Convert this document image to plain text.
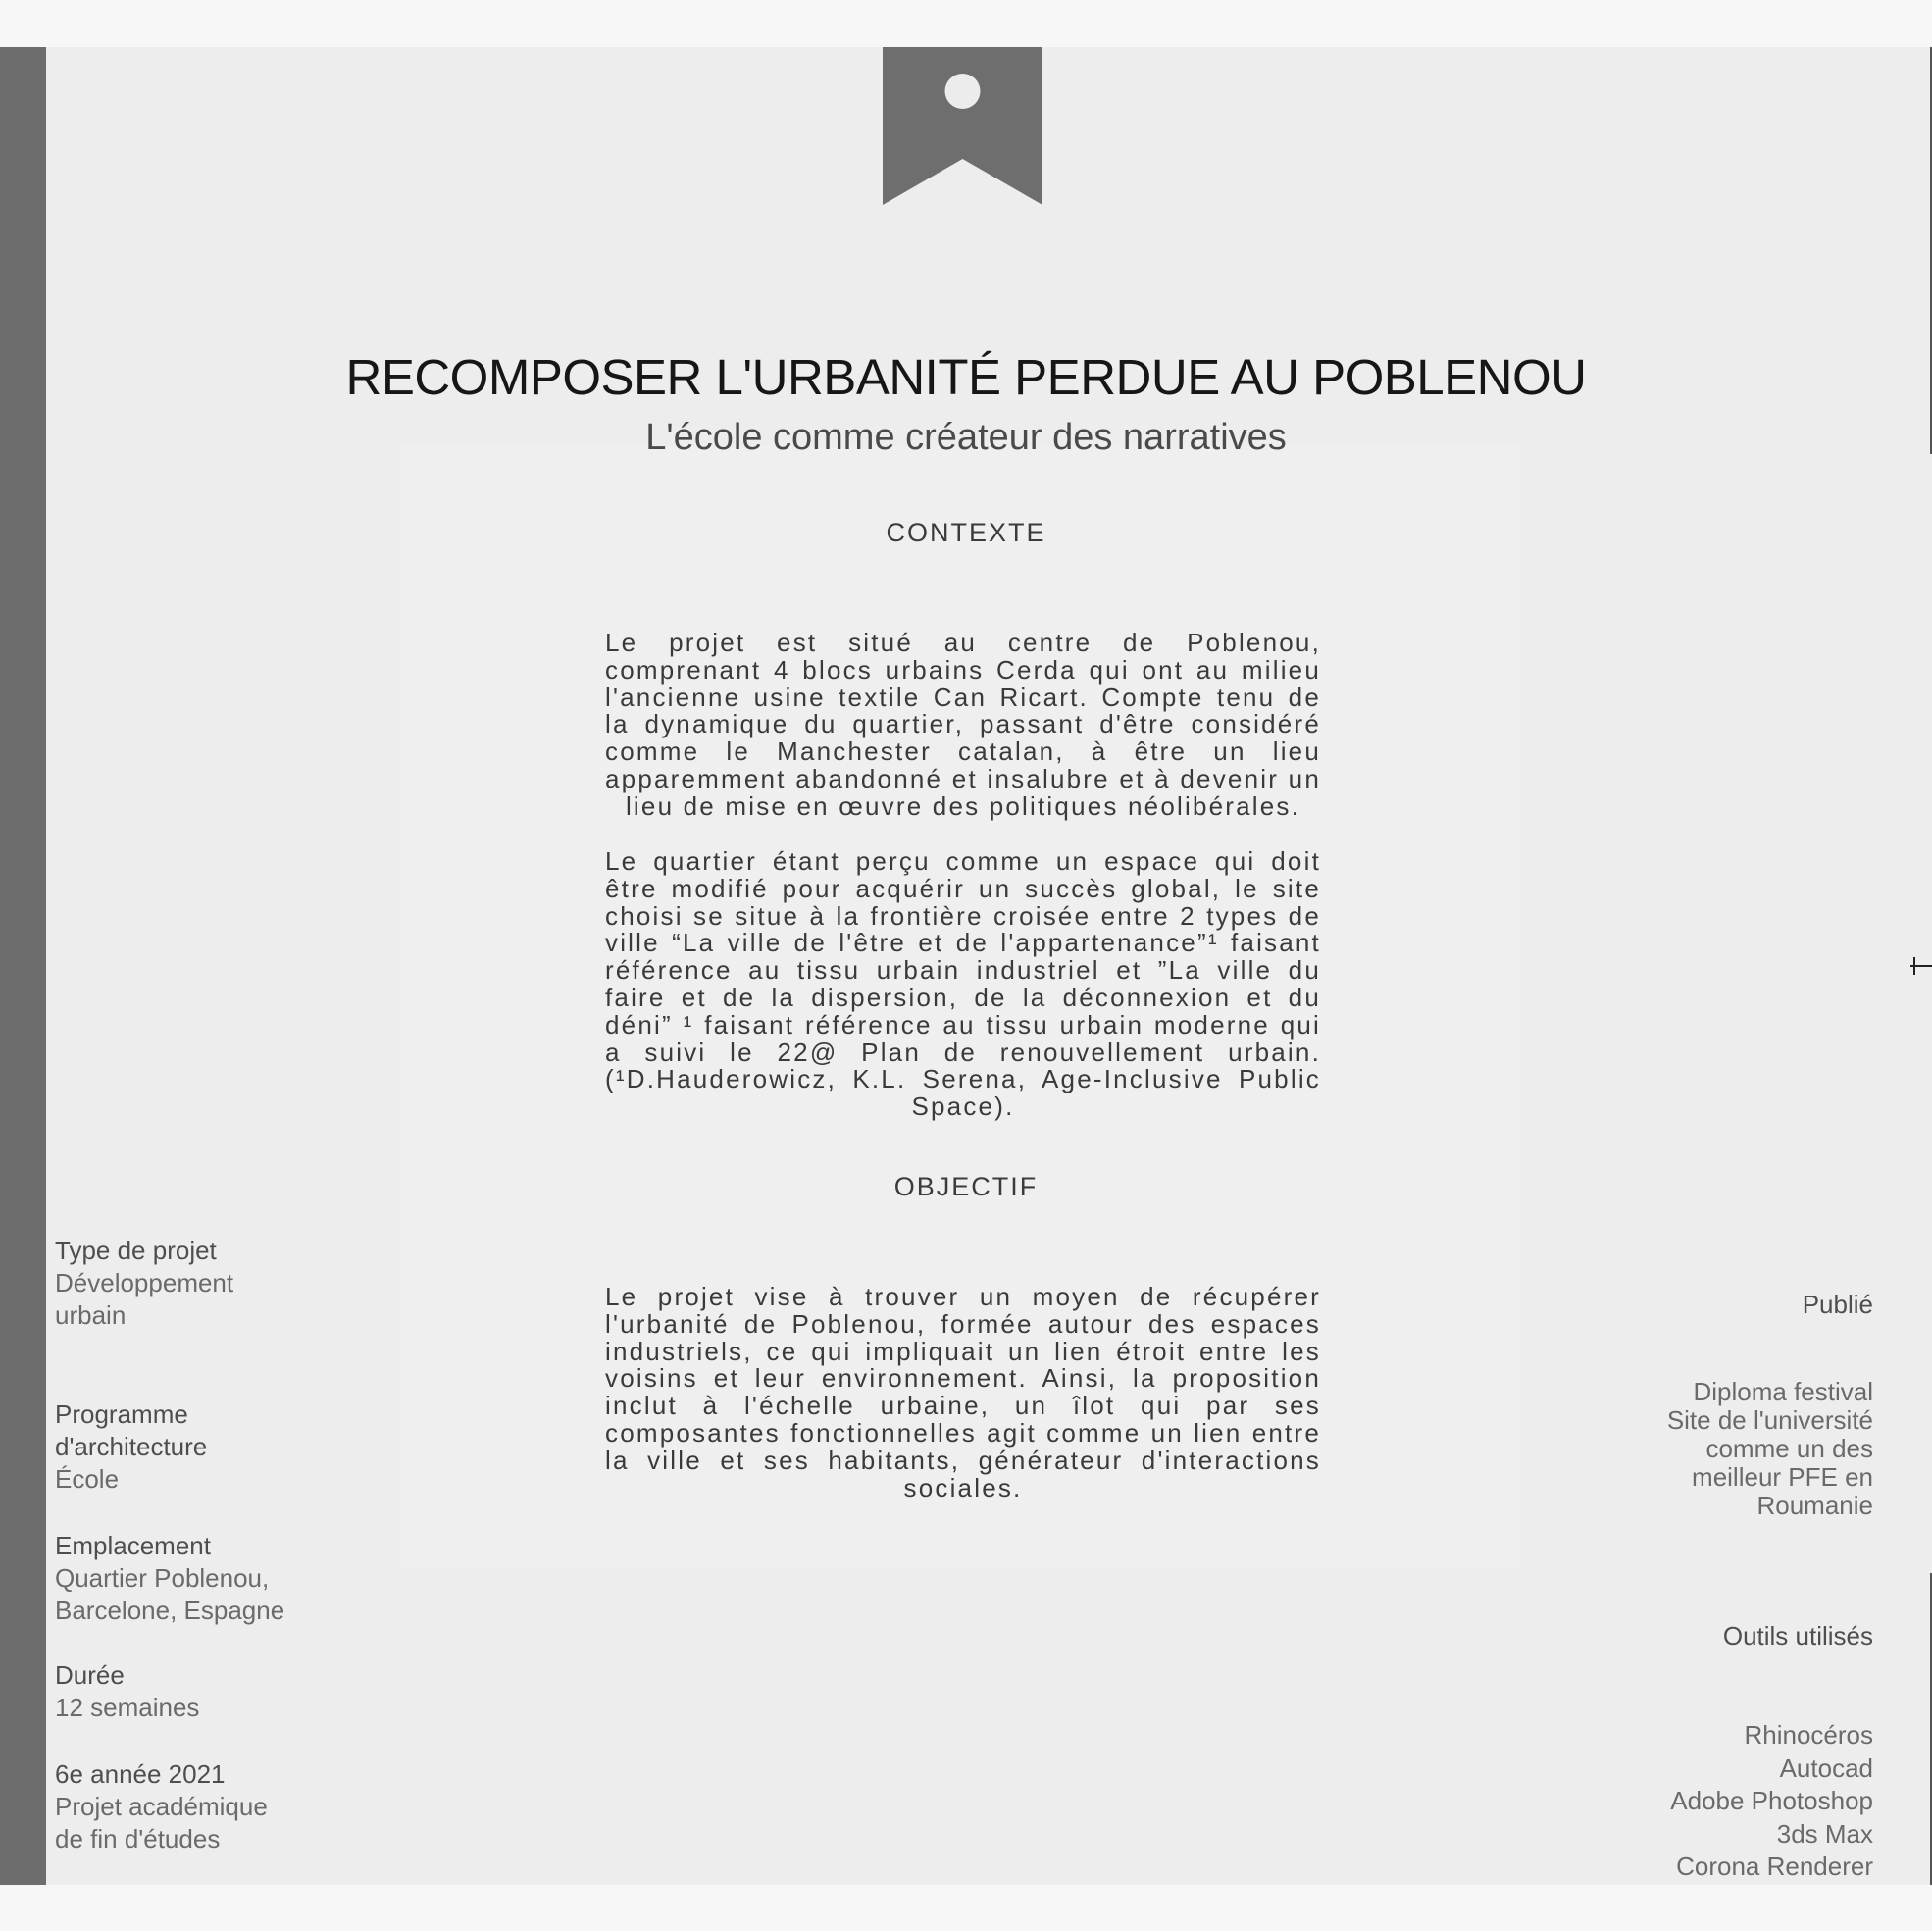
RECOMPOSER L'URBANITÉ PERDUE AU POBLENOU
L'école comme créateur des narratives
CONTEXTE

Le projet est situé au centre de Poblenou, comprenant 4 blocs urbains Cerda qui ont au milieu l'ancienne usine textile Can Ricart. Compte tenu de la dynamique du quartier, passant d'être considéré comme le Manchester catalan, à être un lieu apparemment abandonné et insalubre et à devenir un lieu de mise en œuvre des politiques néolibérales.

Le quartier étant perçu comme un espace qui doit être modifié pour acquérir un succès global, le site choisi se situe à la frontière croisée entre 2 types de ville “La ville de l'être et de l'appartenance”¹ faisant référence au tissu urbain industriel et ”La ville du faire et de la dispersion, de la déconnexion et du déni” ¹ faisant référence au tissu urbain moderne qui a suivi le 22@ Plan de renouvellement urbain. (¹D.Hauderowicz, K.L. Serena, Age-Inclusive Public Space).

OBJECTIF

Le projet vise à trouver un moyen de récupérer l'urbanité de Poblenou, formée autour des espaces industriels, ce qui impliquait un lien étroit entre les voisins et leur environnement. Ainsi, la proposition inclut à l'échelle urbaine, un îlot qui par ses composantes fonctionnelles agit comme un lien entre la ville et ses habitants, générateur d'interactions sociales.

Type de projet
Développement
urbain
Programme
d'architecture
École
Emplacement
Quartier Poblenou,
Barcelone, Espagne
Durée
12 semaines
6e année 2021
Projet académique
de fin d'études
Publié
Diploma festival
Site de l'université
comme un des
meilleur PFE en
Roumanie
Outils utilisés
Rhinocéros
Autocad
Adobe Photoshop
3ds Max
Corona Renderer
